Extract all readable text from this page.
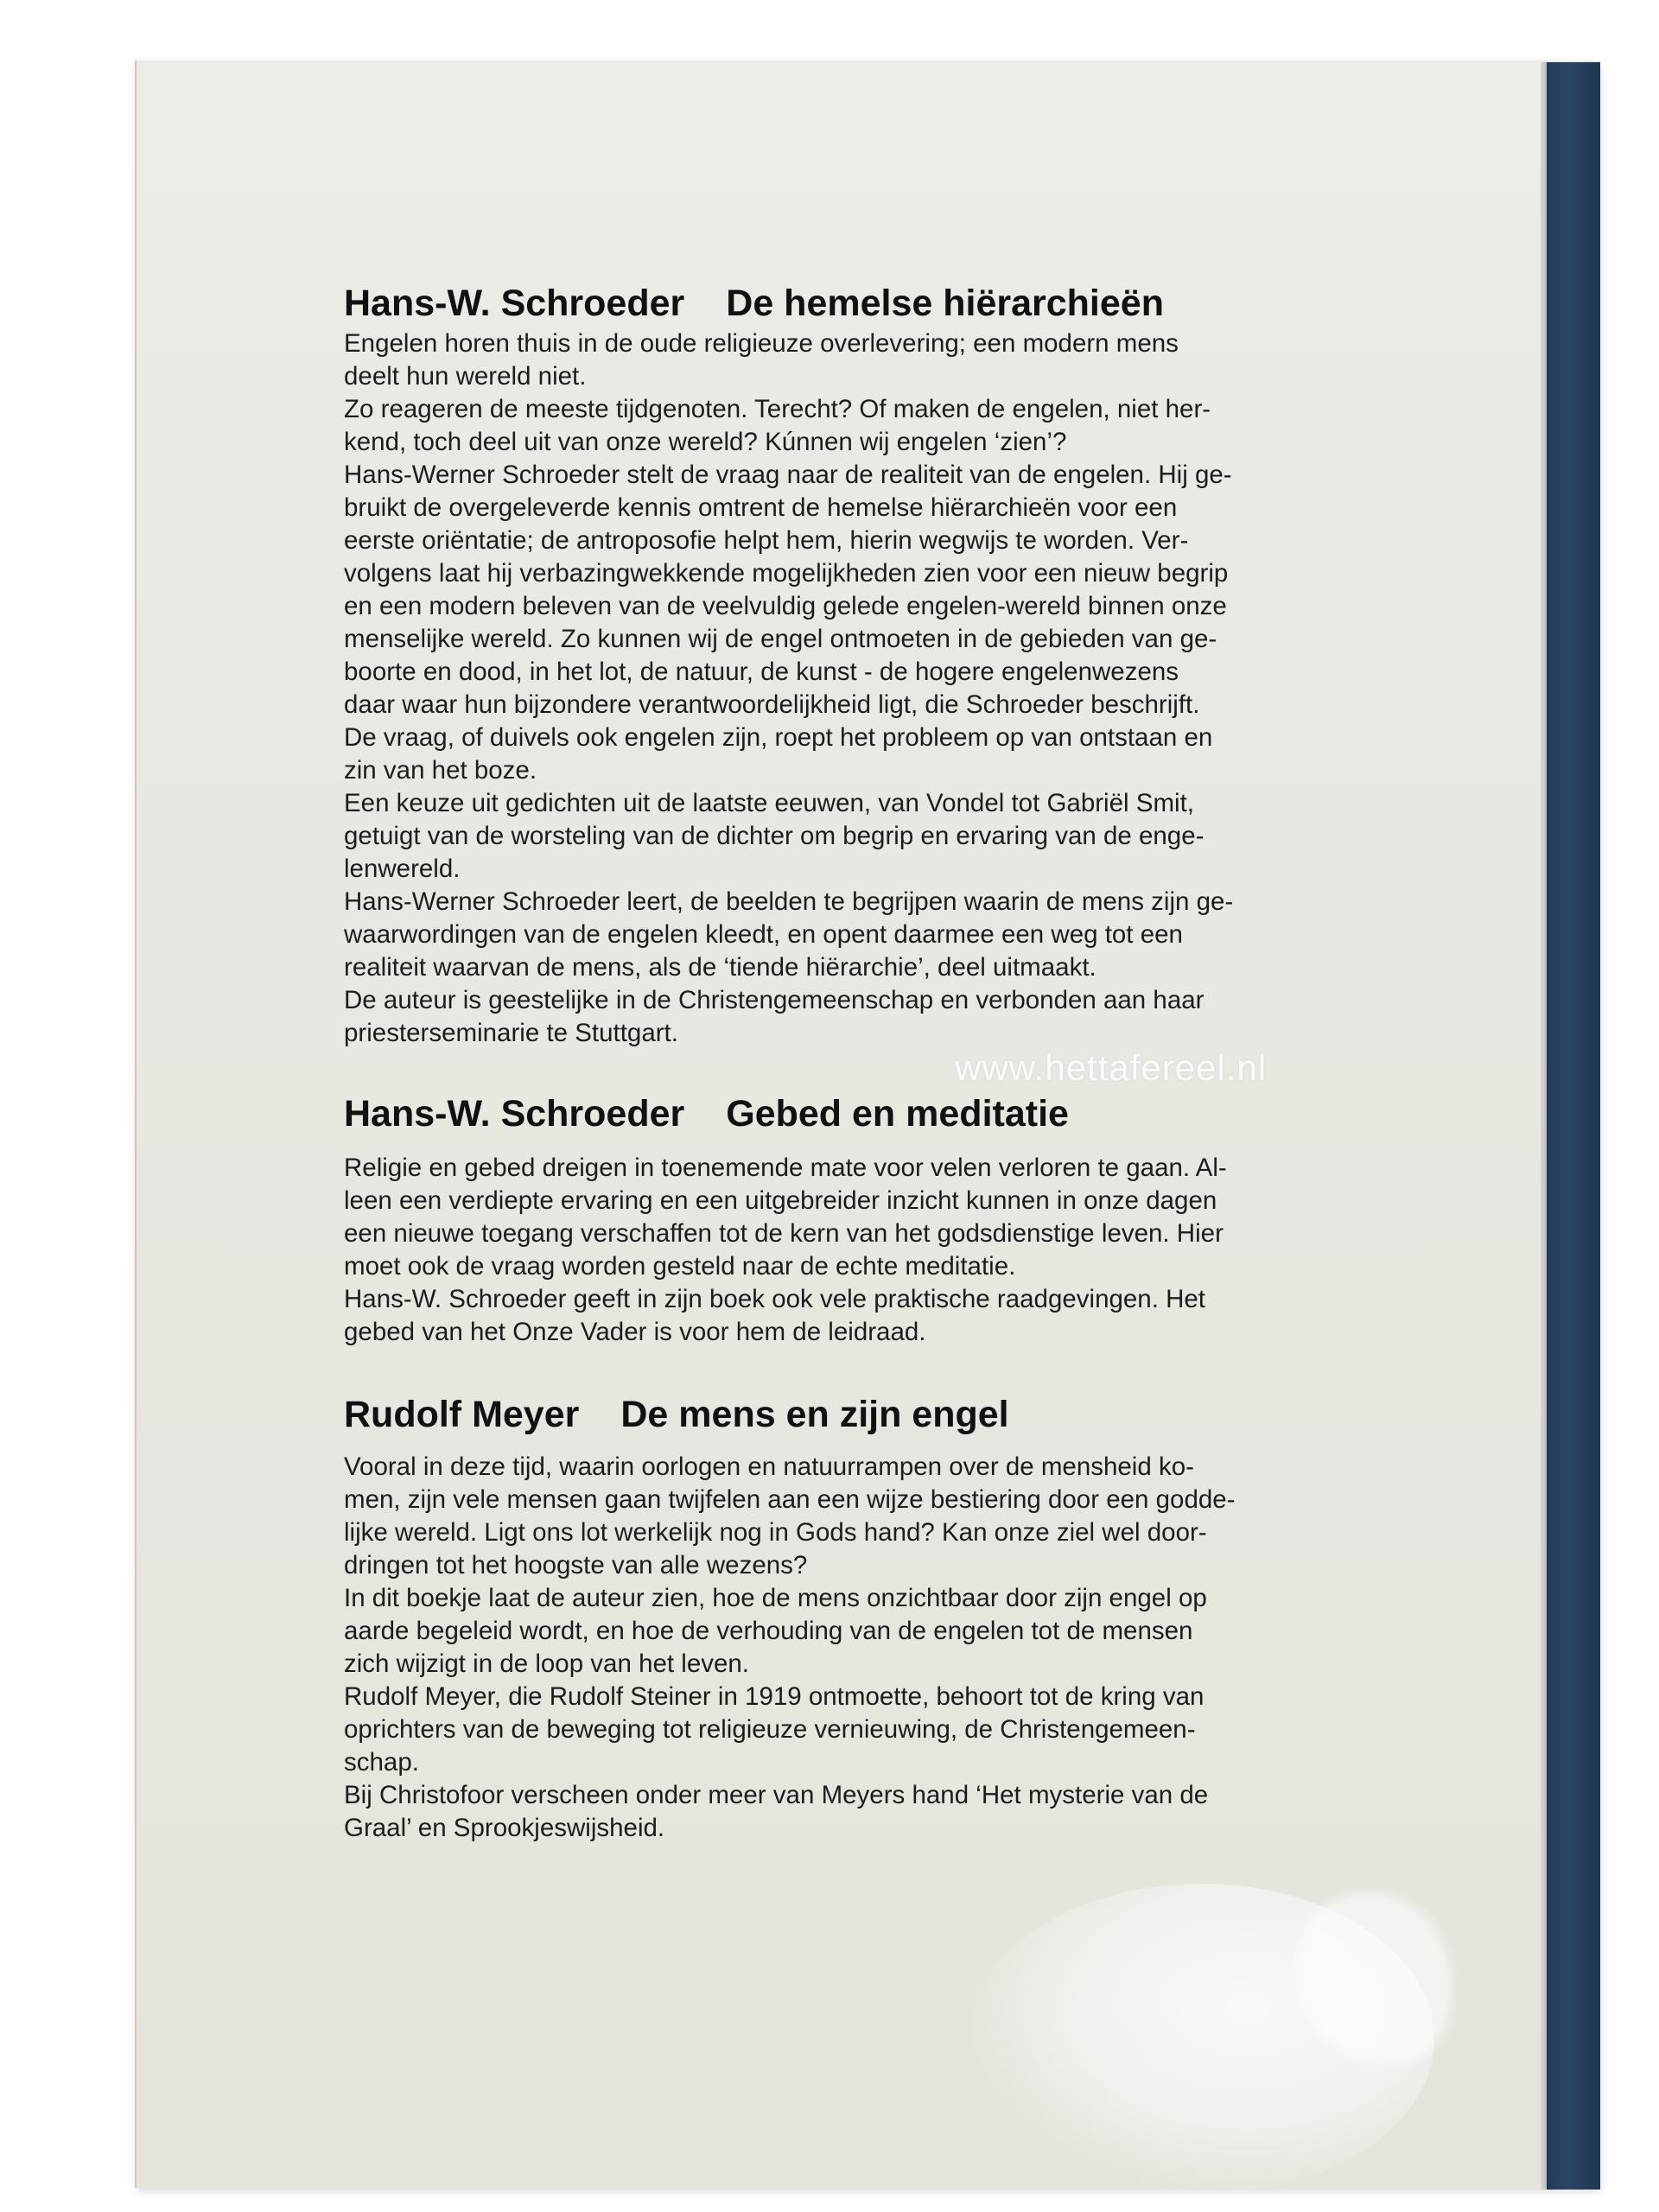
Hans-W. Schroeder De hemelse hiërarchieën

Engelen horen thuis in de oude religieuze overlevering; een modern mens
deelt hun wereld niet.
Zo reageren de meeste tijdgenoten. Terecht? Of maken de engelen, niet her-
kend, toch deel uit van onze wereld? Kúnnen wij engelen ‘zien’?
Hans-Werner Schroeder stelt de vraag naar de realiteit van de engelen. Hij ge-
bruikt de overgeleverde kennis omtrent de hemelse hiërarchieën voor een
eerste oriëntatie; de antroposofie helpt hem, hierin wegwijs te worden. Ver-
volgens laat hij verbazingwekkende mogelijkheden zien voor een nieuw begrip
en een modern beleven van de veelvuldig gelede engelen-wereld binnen onze
menselijke wereld. Zo kunnen wij de engel ontmoeten in de gebieden van ge-
boorte en dood, in het lot, de natuur, de kunst - de hogere engelenwezens
daar waar hun bijzondere verantwoordelijkheid ligt, die Schroeder beschrijft.
De vraag, of duivels ook engelen zijn, roept het probleem op van ontstaan en
zin van het boze.
Een keuze uit gedichten uit de laatste eeuwen, van Vondel tot Gabriël Smit,
getuigt van de worsteling van de dichter om begrip en ervaring van de enge-
lenwereld.
Hans-Werner Schroeder leert, de beelden te begrijpen waarin de mens zijn ge-
waarwordingen van de engelen kleedt, en opent daarmee een weg tot een
realiteit waarvan de mens, als de ‘tiende hiërarchie’, deel uitmaakt.
De auteur is geestelijke in de Christengemeenschap en verbonden aan haar
priesterseminarie te Stuttgart.

Hans-W. Schroeder Gebed en meditatie

Religie en gebed dreigen in toenemende mate voor velen verloren te gaan. Al-
leen een verdiepte ervaring en een uitgebreider inzicht kunnen in onze dagen
een nieuwe toegang verschaffen tot de kern van het godsdienstige leven. Hier
moet ook de vraag worden gesteld naar de echte meditatie.
Hans-W. Schroeder geeft in zijn boek ook vele praktische raadgevingen. Het
gebed van het Onze Vader is voor hem de leidraad.

Rudolf Meyer De mens en zijn engel

Vooral in deze tijd, waarin oorlogen en natuurrampen over de mensheid ko-
men, zijn vele mensen gaan twijfelen aan een wijze bestiering door een godde-
lijke wereld. Ligt ons lot werkelijk nog in Gods hand? Kan onze ziel wel door-
dringen tot het hoogste van alle wezens?
In dit boekje laat de auteur zien, hoe de mens onzichtbaar door zijn engel op
aarde begeleid wordt, en hoe de verhouding van de engelen tot de mensen
zich wijzigt in de loop van het leven.
Rudolf Meyer, die Rudolf Steiner in 1919 ontmoette, behoort tot de kring van
oprichters van de beweging tot religieuze vernieuwing, de Christengemeen-
schap.
Bij Christofoor verscheen onder meer van Meyers hand ‘Het mysterie van de
Graal’ en Sprookjeswijsheid.

www.hettafereel.nl
